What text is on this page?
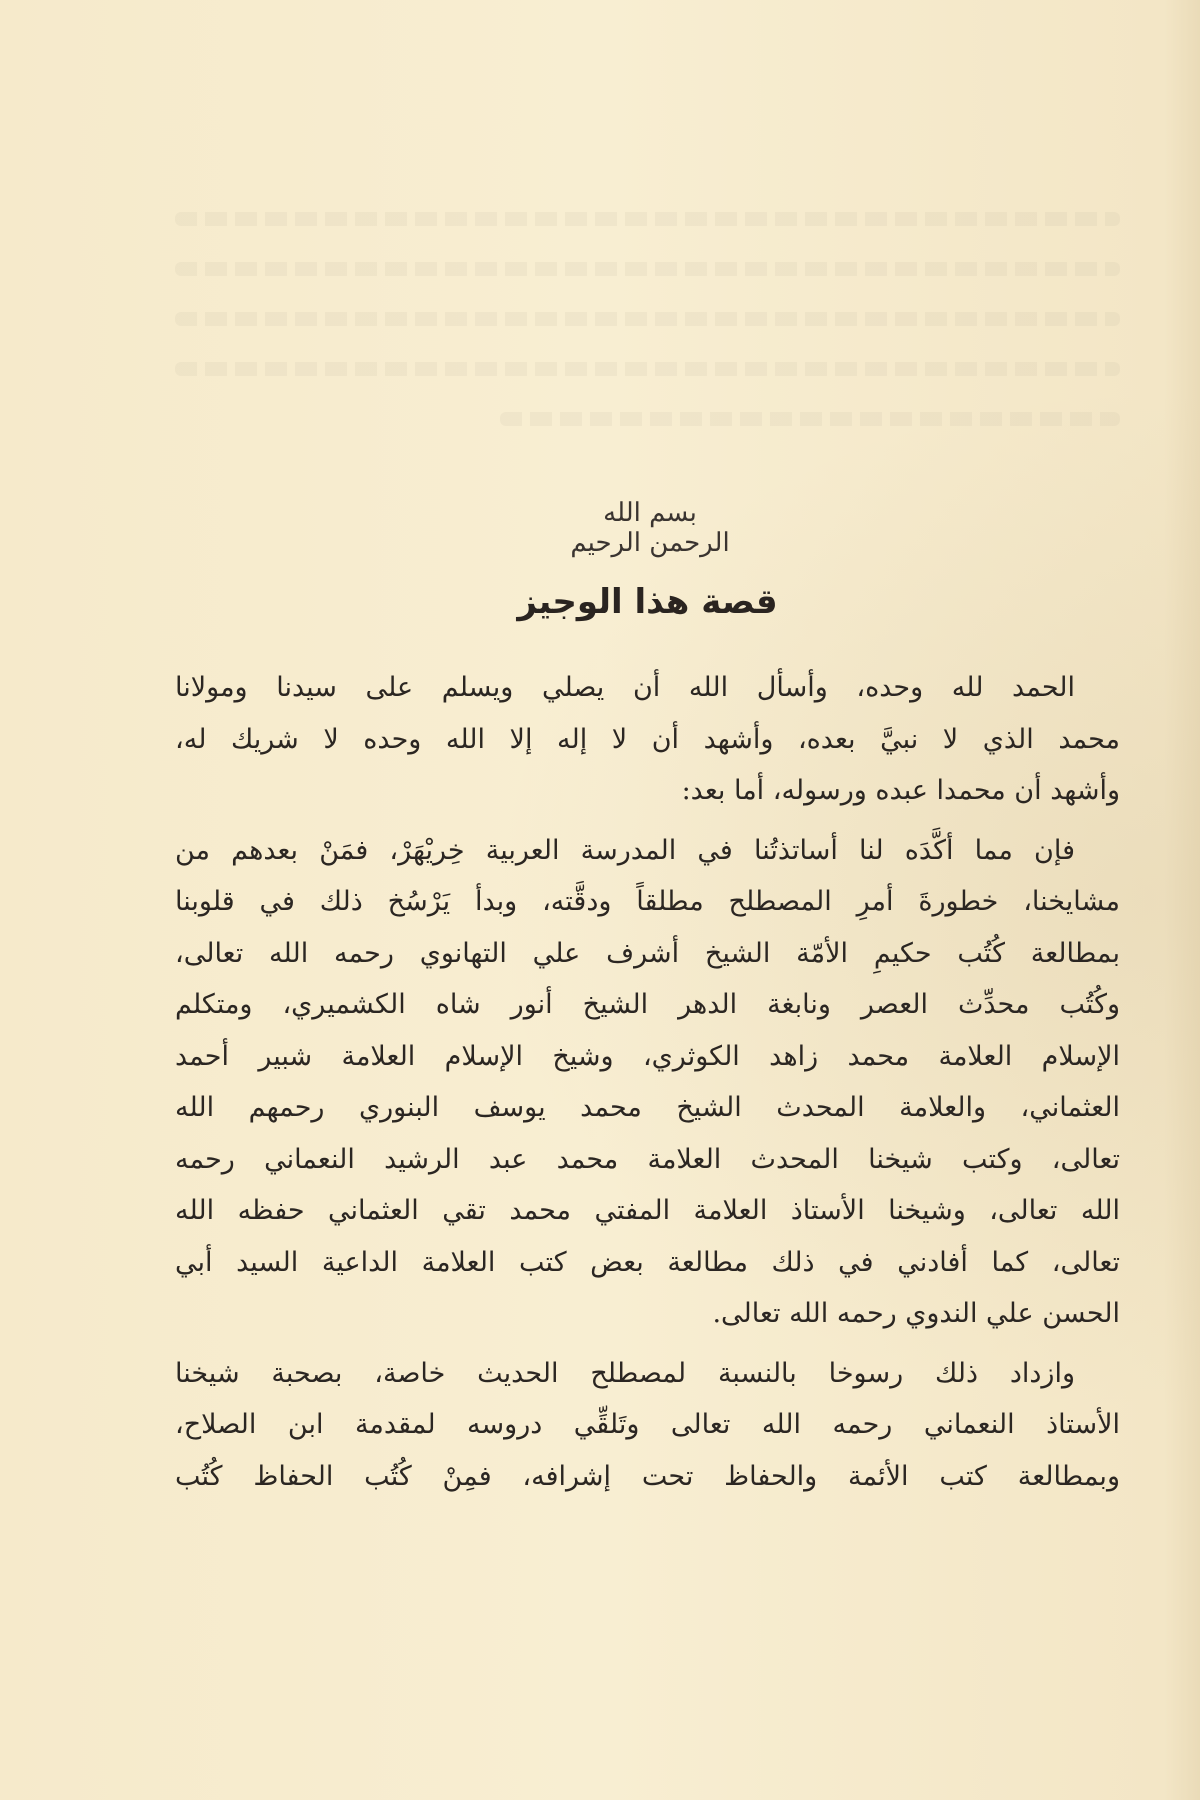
بسم الله الرحمن الرحيم
قصة هذا الوجيز
الحمد لله وحده، وأسأل الله أن يصلي ويسلم على سيدنا ومولانا
محمد الذي لا نبيَّ بعده، وأشهد أن لا إله إلا الله وحده لا شريك له،
وأشهد أن محمدا عبده ورسوله، أما بعد:
فإن مما أكَّدَه لنا أساتذتُنا في المدرسة العربية خِريْهَرْ، فمَنْ بعدهم من
مشايخنا، خطورةَ أمرِ المصطلح مطلقاً ودقَّته، وبدأ يَرْسُخ ذلك في قلوبنا
بمطالعة كُتُب حكيمِ الأمّة الشيخ أشرف علي التهانوي رحمه الله تعالى،
وكُتُب محدِّث العصر ونابغة الدهر الشيخ أنور شاه الكشميري، ومتكلم
الإسلام العلامة محمد زاهد الكوثري، وشيخ الإسلام العلامة شبير أحمد
العثماني، والعلامة المحدث الشيخ محمد يوسف البنوري رحمهم الله
تعالى، وكتب شيخنا المحدث العلامة محمد عبد الرشيد النعماني رحمه
الله تعالى، وشيخنا الأستاذ العلامة المفتي محمد تقي العثماني حفظه الله
تعالى، كما أفادني في ذلك مطالعة بعض كتب العلامة الداعية السيد أبي
الحسن علي الندوي رحمه الله تعالى.
وازداد ذلك رسوخا بالنسبة لمصطلح الحديث خاصة، بصحبة شيخنا
الأستاذ النعماني رحمه الله تعالى وتَلقِّي دروسه لمقدمة ابن الصلاح،
وبمطالعة كتب الأئمة والحفاظ تحت إشرافه، فمِنْ كُتُب الحفاظ كُتُب
